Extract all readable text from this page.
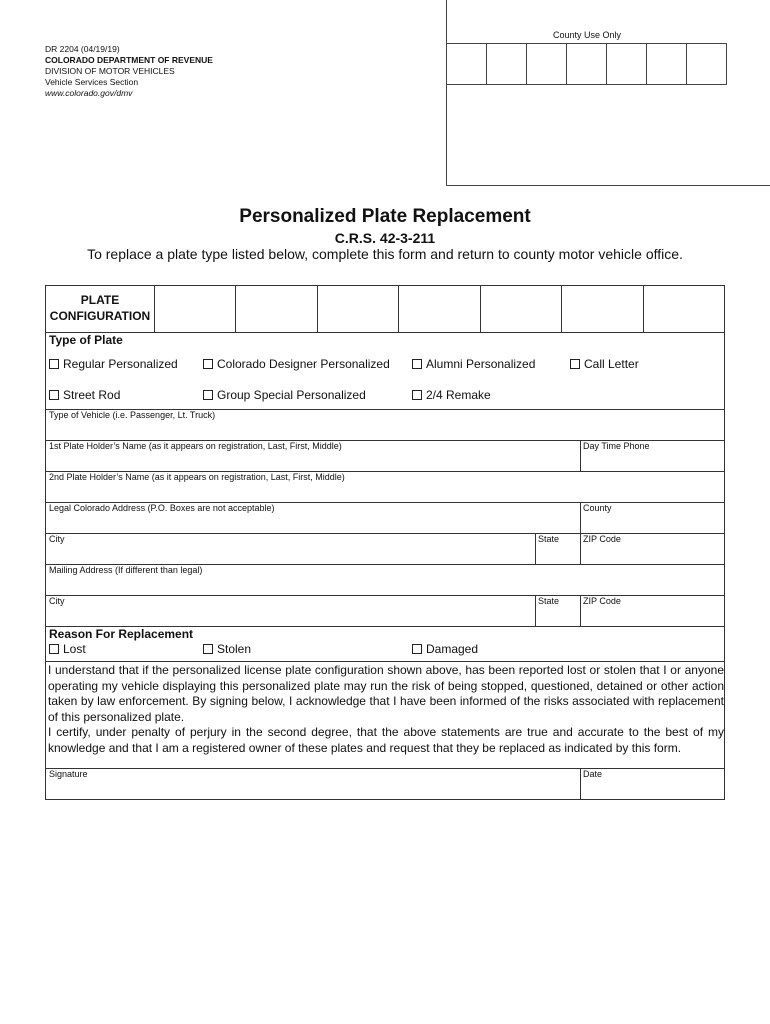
County Use Only
DR 2204 (04/19/19)
COLORADO DEPARTMENT OF REVENUE
DIVISION OF MOTOR VEHICLES
Vehicle Services Section
www.colorado.gov/dmv
Personalized Plate Replacement
C.R.S. 42-3-211
To replace a plate type listed below, complete this form and return to county motor vehicle office.
PLATE
CONFIGURATION
Type of Plate
Regular Personalized	Colorado Designer Personalized	Alumni Personalized	Call Letter
Street Rod	Group Special Personalized	2/4 Remake
Type of Vehicle (i.e. Passenger, Lt. Truck)
1st Plate Holder’s Name (as it appears on registration, Last, First, Middle)	Day Time Phone
2nd Plate Holder’s Name (as it appears on registration, Last, First, Middle)
Legal Colorado Address (P.O. Boxes are not acceptable)	County
City	State	ZIP Code
Mailing Address (If different than legal)
City	State	ZIP Code
Reason For Replacement
Lost	Stolen	Damaged
I understand that if the personalized license plate configuration shown above, has been reported lost or stolen that I or anyone operating my vehicle displaying this personalized plate may run the risk of being stopped, questioned, detained or other action taken by law enforcement. By signing below, I acknowledge that I have been informed of the risks associated with replacement of this personalized plate.
I certify, under penalty of perjury in the second degree, that the above statements are true and accurate to the best of my knowledge and that I am a registered owner of these plates and request that they be replaced as indicated by this form.
Signature	Date
